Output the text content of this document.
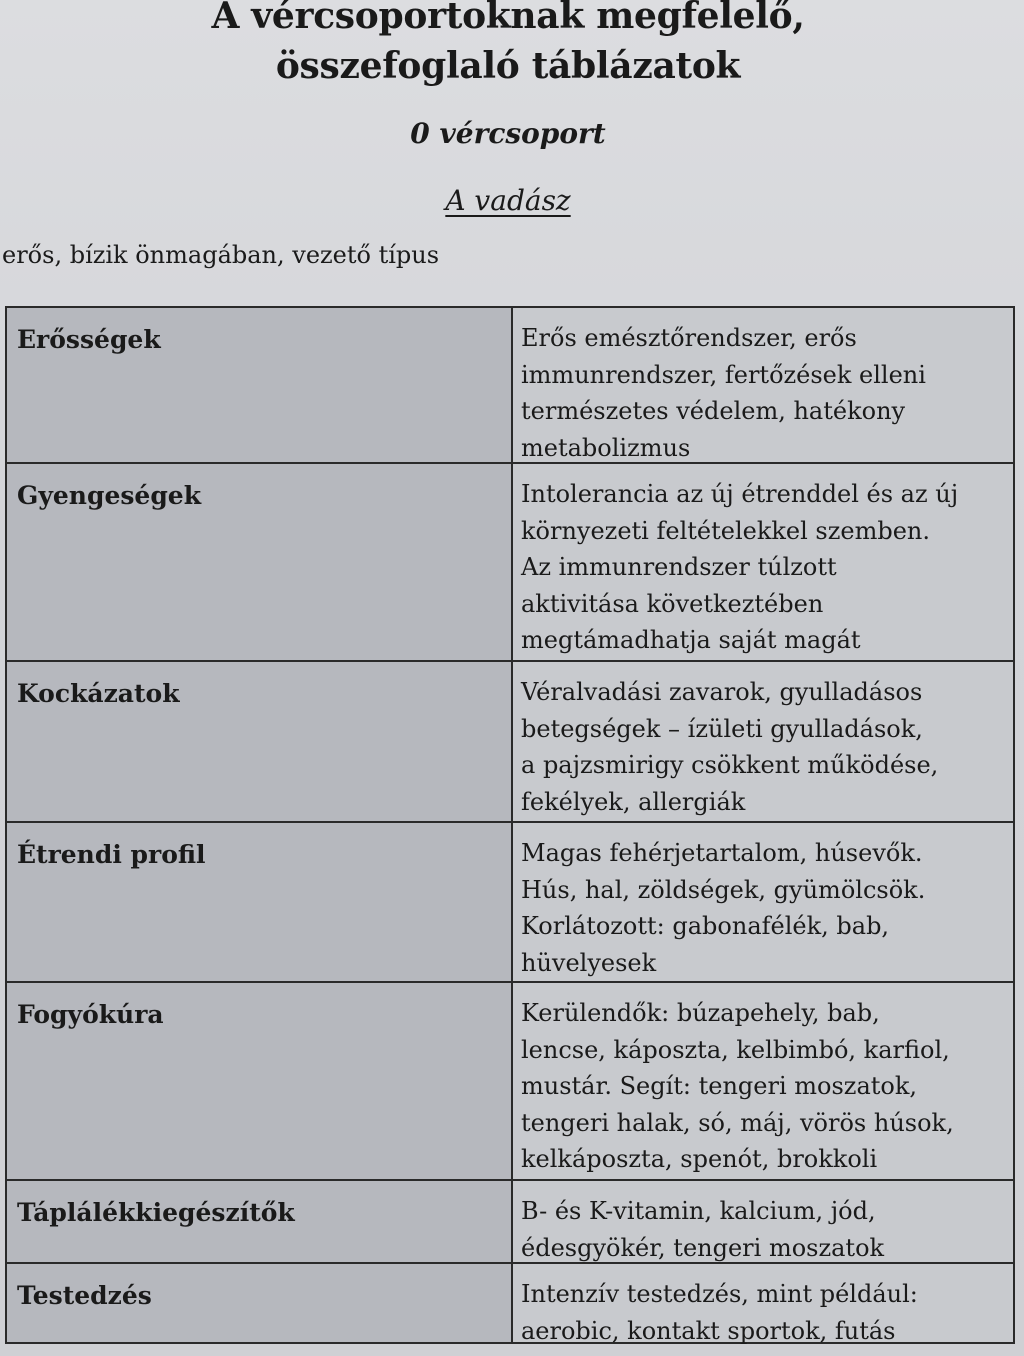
A vércsoportoknak megfelelő,
összefoglaló táblázatok
0 vércsoport
A vadász
erős, bízik önmagában, vezető típus
Erősségek	Erős emésztőrendszer, erős
immunrendszer, fertőzések elleni
természetes védelem, hatékony
metabolizmus
Gyengeségek	Intolerancia az új étrenddel és az új
környezeti feltételekkel szemben.
Az immunrendszer túlzott
aktivitása következtében
megtámadhatja saját magát
Kockázatok	Véralvadási zavarok, gyulladásos
betegségek – ízületi gyulladások,
a pajzsmirigy csökkent működése,
fekélyek, allergiák
Étrendi profil	Magas fehérjetartalom, húsevők.
Hús, hal, zöldségek, gyümölcsök.
Korlátozott: gabonafélék, bab,
hüvelyesek
Fogyókúra	Kerülendők: búzapehely, bab,
lencse, káposzta, kelbimbó, karfiol,
mustár. Segít: tengeri moszatok,
tengeri halak, só, máj, vörös húsok,
kelkáposzta, spenót, brokkoli
Táplálékkiegészítők	B- és K-vitamin, kalcium, jód,
édesgyökér, tengeri moszatok
Testedzés	Intenzív testedzés, mint például:
aerobic, kontakt sportok, futás
